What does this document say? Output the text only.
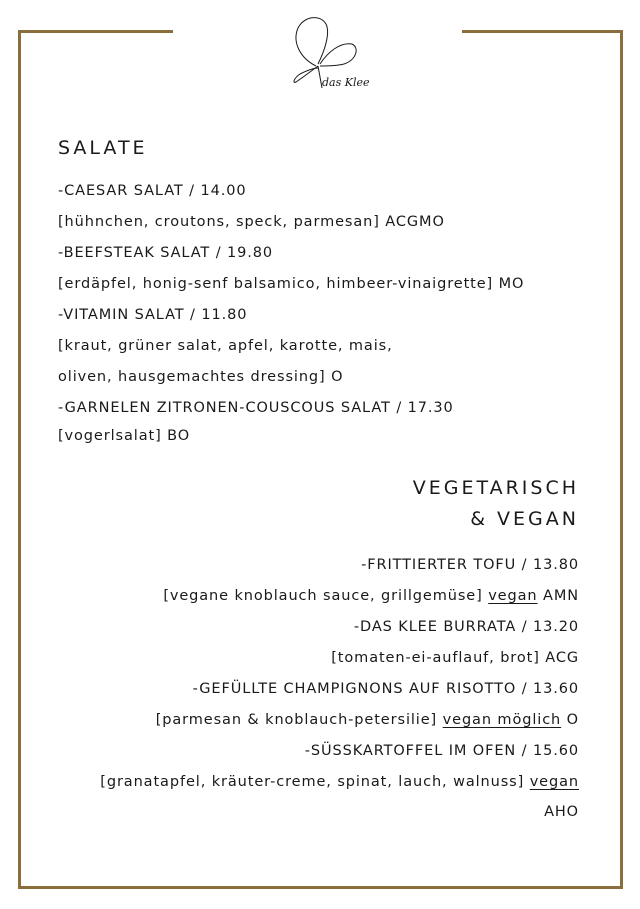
das Klee
SALATE
-CAESAR SALAT / 14.00
[hühnchen, croutons, speck, parmesan] ACGMO
-BEEFSTEAK SALAT / 19.80
[erdäpfel, honig-senf balsamico, himbeer-vinaigrette] MO
-VITAMIN SALAT / 11.80
[kraut, grüner salat, apfel, karotte, mais,
oliven, hausgemachtes dressing] O
-GARNELEN ZITRONEN-COUSCOUS SALAT / 17.30
[vogerlsalat] BO
VEGETARISCH
& VEGAN
-FRITTIERTER TOFU / 13.80
[vegane knoblauch sauce, grillgemüse] vegan AMN
-DAS KLEE BURRATA / 13.20
[tomaten-ei-auflauf, brot] ACG
-GEFÜLLTE CHAMPIGNONS AUF RISOTTO / 13.60
[parmesan & knoblauch-petersilie] vegan möglich O
-SÜSSKARTOFFEL IM OFEN / 15.60
[granatapfel, kräuter-creme, spinat, lauch, walnuss] vegan
AHO
